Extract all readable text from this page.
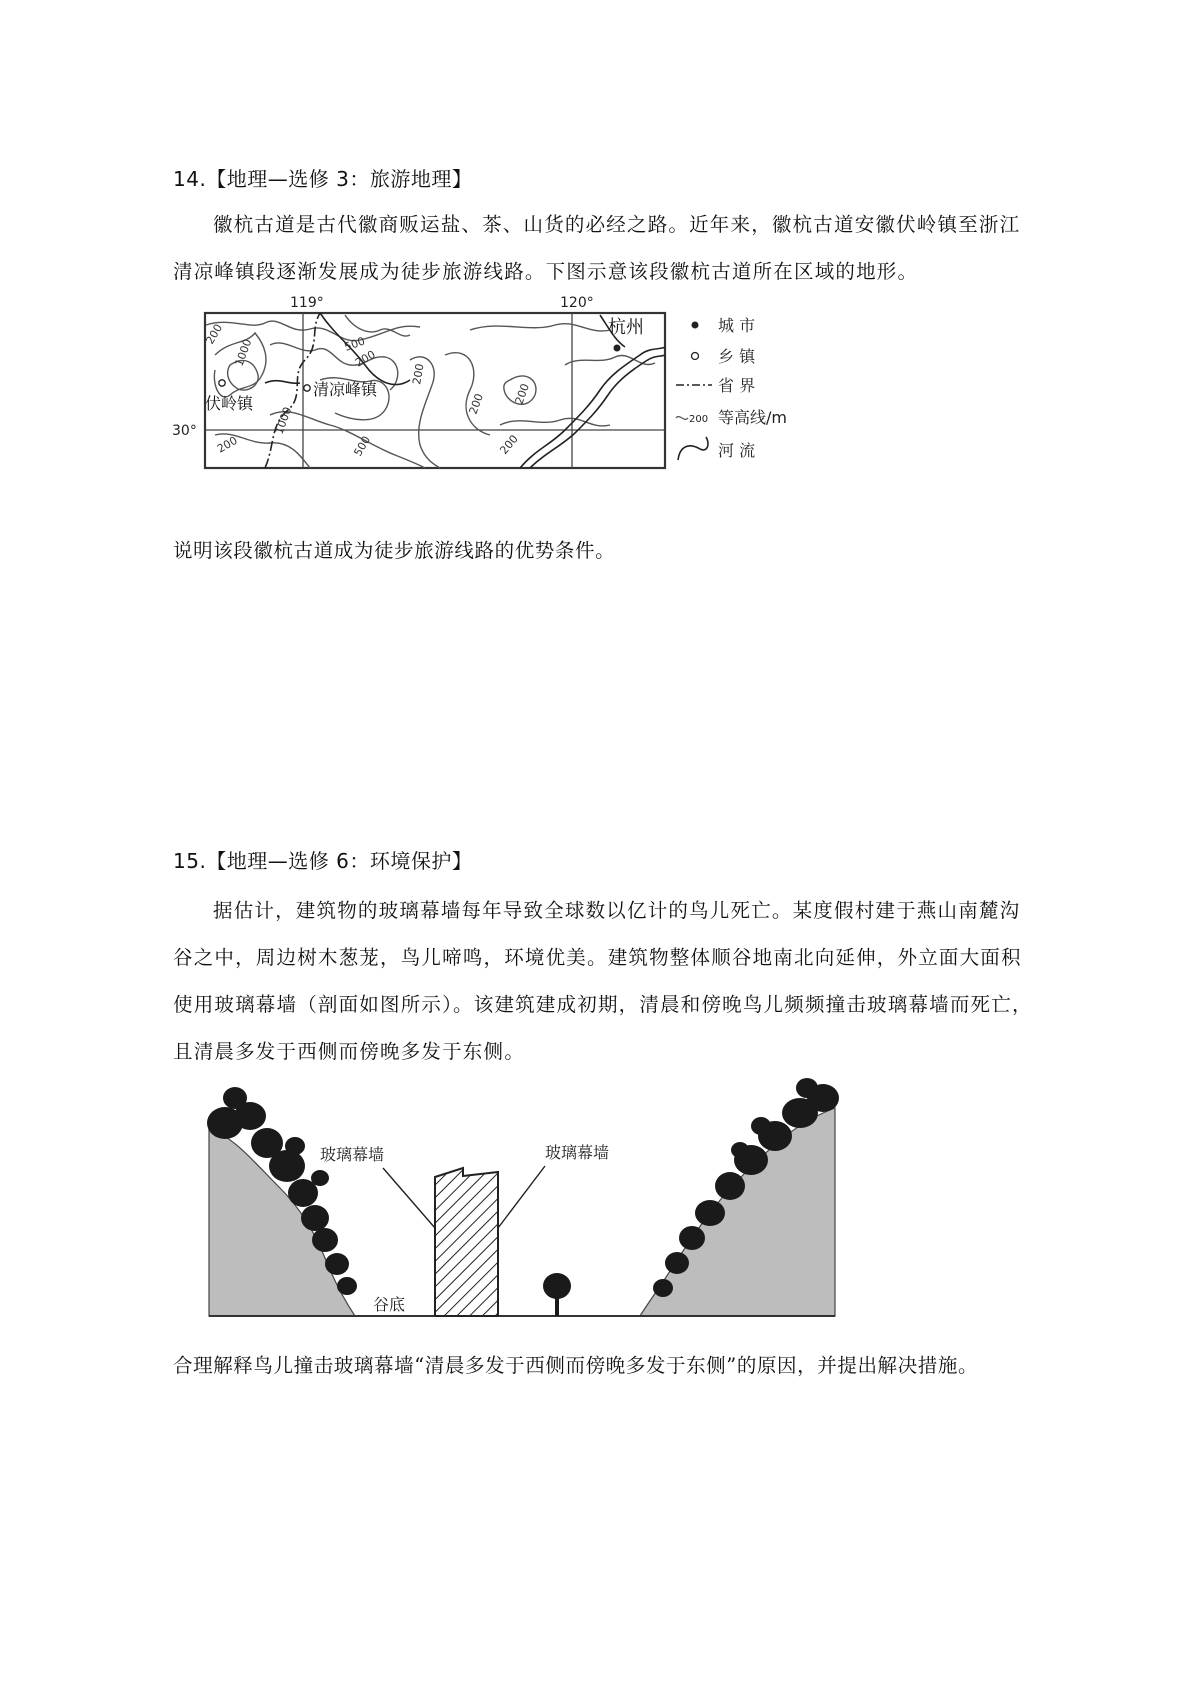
14.【地理—选修 3：旅游地理】
徽杭古道是古代徽商贩运盐、茶、山货的必经之路。近年来，徽杭古道安徽伏岭镇至浙江清凉峰镇段逐渐发展成为徒步旅游线路。下图示意该段徽杭古道所在区域的地形。
200
1000	500
200
200
200 200
200
1000
500
200
119°	120°
30°
伏岭镇
清凉峰镇
杭州	城 市
乡 镇
省 界
200 等高线/m
河 流
说明该段徽杭古道成为徒步旅游线路的优势条件。
15.【地理—选修 6：环境保护】
据估计，建筑物的玻璃幕墙每年导致全球数以亿计的鸟儿死亡。某度假村建于燕山南麓沟谷之中，周边树木葱茏，鸟儿啼鸣，环境优美。建筑物整体顺谷地南北向延伸，外立面大面积使用玻璃幕墙（剖面如图所示）。该建筑建成初期，清晨和傍晚鸟儿频频撞击玻璃幕墙而死亡，且清晨多发于西侧而傍晚多发于东侧。
玻璃幕墙	玻璃幕墙
谷底
合理解释鸟儿撞击玻璃幕墙“清晨多发于西侧而傍晚多发于东侧”的原因，并提出解决措施。
